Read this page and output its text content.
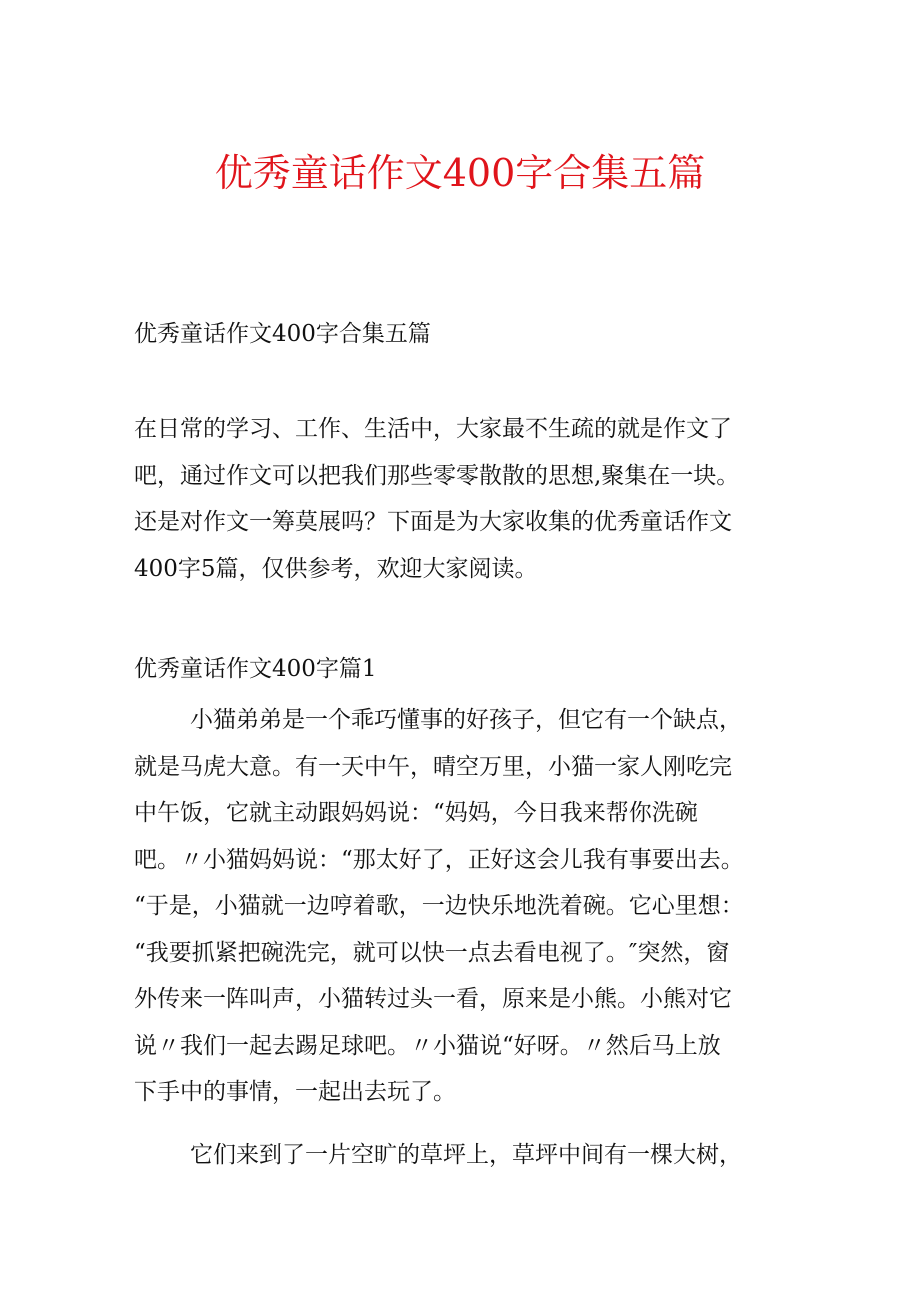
优秀童话作文400字合集五篇
优秀童话作文400字合集五篇

在日常的学习、工作、生活中，大家最不生疏的就是作文了
吧，通过作文可以把我们那些零零散散的思想,聚集在一块。
还是对作文一筹莫展吗？下面是为大家收集的优秀童话作文
400字5篇，仅供参考，欢迎大家阅读。

优秀童话作文400字篇1

小猫弟弟是一个乖巧懂事的好孩子，但它有一个缺点，
就是马虎大意。有一天中午，晴空万里，小猫一家人刚吃完
中午饭，它就主动跟妈妈说：“妈妈，今日我来帮你洗碗
吧。〃小猫妈妈说：“那太好了，正好这会儿我有事要出去。
“于是，小猫就一边哼着歌，一边快乐地洗着碗。它心里想：
“我要抓紧把碗洗完，就可以快一点去看电视了。″突然，窗
外传来一阵叫声，小猫转过头一看，原来是小熊。小熊对它
说〃我们一起去踢足球吧。〃小猫说“好呀。〃然后马上放
下手中的事情，一起出去玩了。

它们来到了一片空旷的草坪上，草坪中间有一棵大树，
